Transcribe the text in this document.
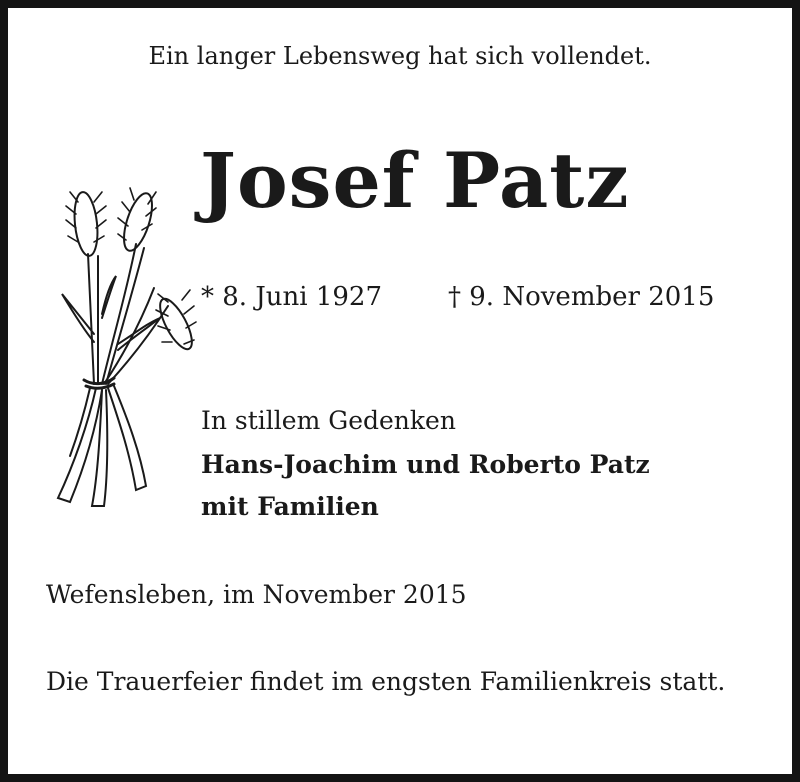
Ein langer Lebensweg hat sich vollendet.
Josef Patz
* 8. Juni 1927	† 9. November 2015
In stillem Gedenken
Hans-Joachim und Roberto Patz
mit Familien
Wefensleben, im November 2015
Die Trauerfeier findet im engsten Familienkreis statt.
